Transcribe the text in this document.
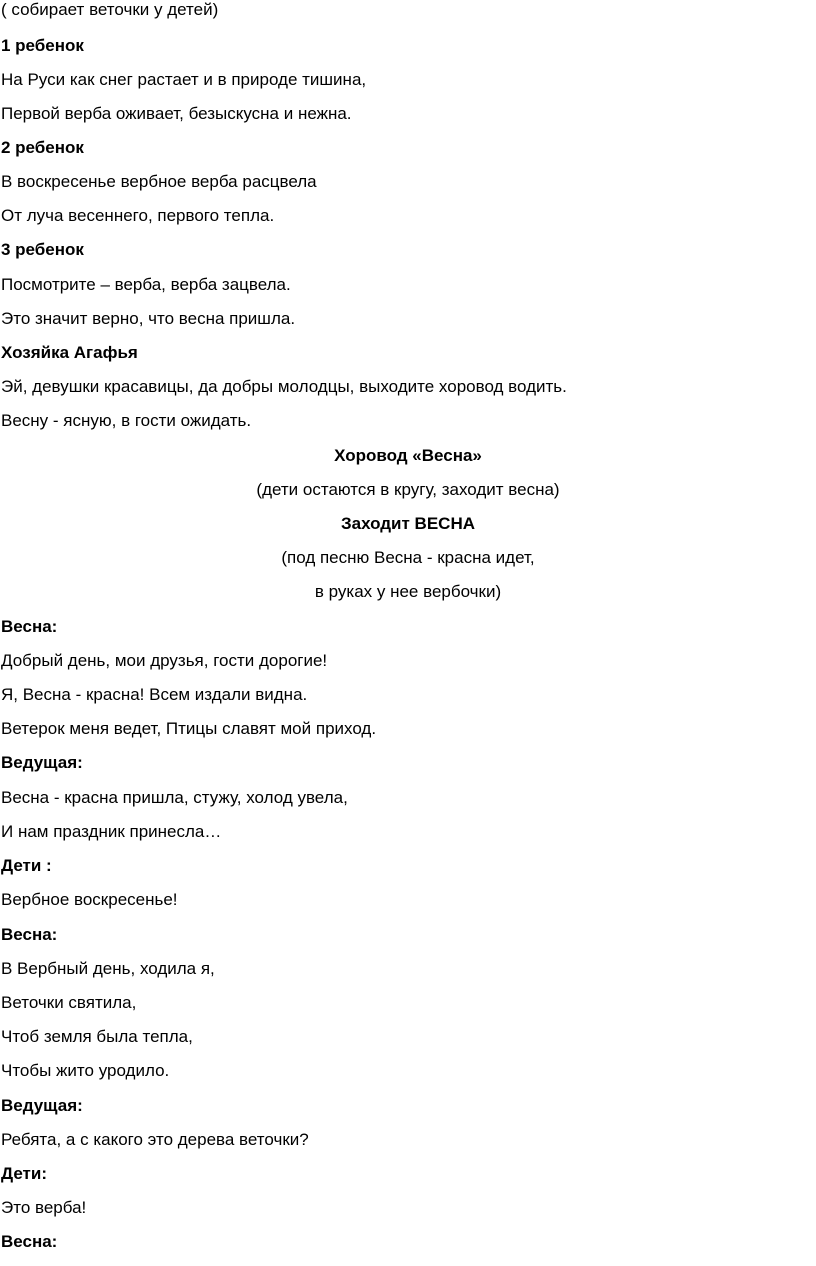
( собирает веточки у детей)
1 ребенок
На Руси как снег растает и в природе тишина,
Первой верба оживает, безыскусна и нежна.
2 ребенок
В воскресенье вербное верба расцвела
От луча весеннего, первого тепла.
3 ребенок
Посмотрите – верба, верба зацвела.
Это значит верно, что весна пришла.
Хозяйка Агафья
Эй, девушки красавицы, да добры молодцы, выходите хоровод водить.
Весну - ясную, в гости ожидать.
Хоровод «Весна»
(дети остаются в кругу, заходит весна)
Заходит ВЕСНА
(под песню Весна - красна идет,
в руках у нее вербочки)
Весна:
Добрый день, мои друзья, гости дорогие!
Я, Весна - красна! Всем издали видна.
Ветерок меня ведет, Птицы славят мой приход.
Ведущая:
Весна - красна пришла, стужу, холод увела,
И нам праздник принесла…
Дети :
Вербное воскресенье!
Весна:
В Вербный день, ходила я,
Веточки святила,
Чтоб земля была тепла,
Чтобы жито уродило.
Ведущая:
Ребята, а с какого это дерева веточки?
Дети:
Это верба!
Весна:
